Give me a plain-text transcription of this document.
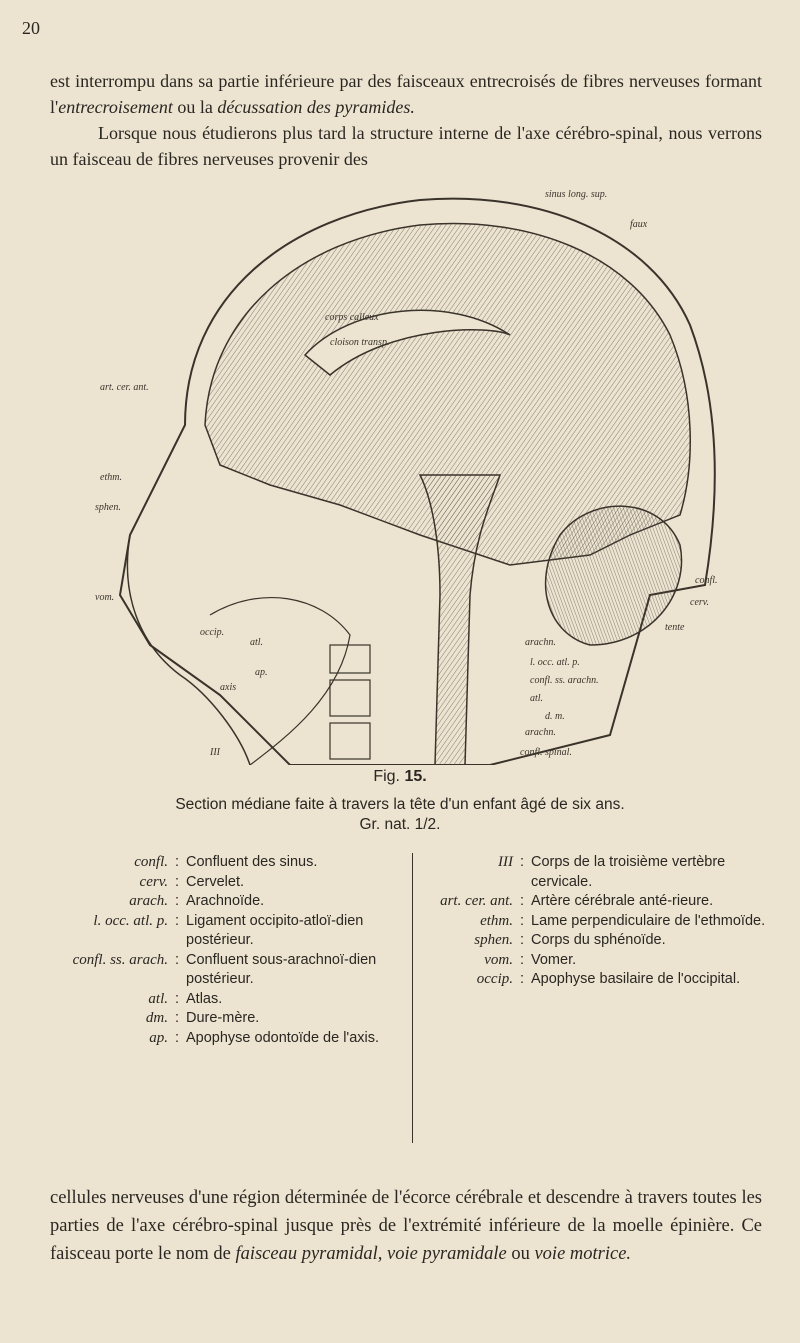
20
est interrompu dans sa partie inférieure par des faisceaux entrecroisés de fibres nerveuses formant l'entrecroisement ou la décussation des pyramides.
Lorsque nous étudierons plus tard la structure interne de l'axe cérébro-spinal, nous verrons un faisceau de fibres nerveuses provenir des
sinus long. sup.
faux
corps calleux
cloison transp.
art. cer. ant.
ethm.
sphen.
vom.
occip.
ap.
atl.
axis
III
confl.
cerv.
tente
arachn.
l. occ. atl. p.
confl. ss. arachn.
atl.
d. m.
arachn.
confl. spinal.
Fig. 15.
Section médiane faite à travers la tête d'un enfant âgé de six ans.
Gr. nat. 1/2.
confl. : Confluent des sinus.
cerv. : Cervelet.
arach. : Arachnoïde.
l. occ. atl. p. : Ligament occipito-atloï-dien postérieur.
confl. ss. arach. : Confluent sous-arachnoï-dien postérieur.
atl. : Atlas.
dm. : Dure-mère.
ap. : Apophyse odontoïde de l'axis.
III : Corps de la troisième vertèbre cervicale.
art. cer. ant. : Artère cérébrale anté-rieure.
ethm. : Lame perpendiculaire de l'ethmoïde.
sphen. : Corps du sphénoïde.
vom. : Vomer.
occip. : Apophyse basilaire de l'occipital.
cellules nerveuses d'une région déterminée de l'écorce cérébrale et descendre à travers toutes les parties de l'axe cérébro-spinal jusque près de l'extrémité inférieure de la moelle épinière. Ce faisceau porte le nom de faisceau pyramidal, voie pyramidale ou voie motrice.
